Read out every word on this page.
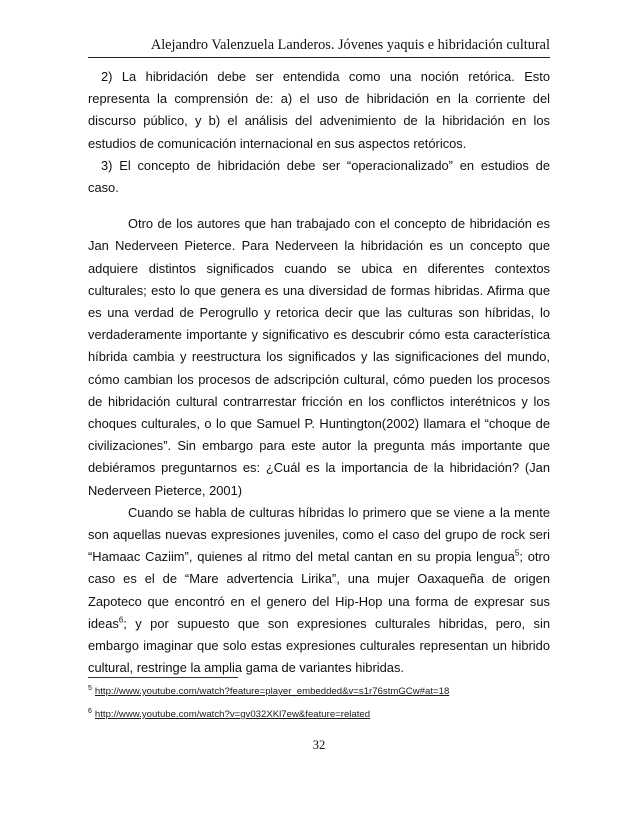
Alejandro Valenzuela Landeros. Jóvenes yaquis e hibridación cultural

2) La hibridación debe ser entendida como una noción retórica. Esto representa la comprensión de: a) el uso de hibridación en la corriente del discurso público, y b) el análisis del advenimiento de la hibridación en los estudios de comunicación internacional en sus aspectos retóricos.

3) El concepto de hibridación debe ser “operacionalizado” en estudios de caso.

Otro de los autores que han trabajado con el concepto de hibridación es Jan Nederveen Pieterce. Para Nederveen la hibridación es un concepto que adquiere distintos significados cuando se ubica en diferentes contextos culturales; esto lo que genera es una diversidad de formas hibridas. Afirma que es una verdad de Perogrullo y retorica decir que las culturas son híbridas, lo verdaderamente importante y significativo es descubrir cómo esta característica híbrida cambia y reestructura los significados y las significaciones del mundo, cómo cambian los procesos de adscripción cultural, cómo pueden los procesos de hibridación cultural contrarrestar fricción en los conflictos interétnicos y los choques culturales, o lo que Samuel P. Huntington(2002) llamara el “choque de civilizaciones”. Sin embargo para este autor la pregunta más importante que debiéramos preguntarnos es: ¿Cuál es la importancia de la hibridación? (Jan Nederveen Pieterce, 2001)

Cuando se habla de culturas híbridas lo primero que se viene a la mente son aquellas nuevas expresiones juveniles, como el caso del grupo de rock seri “Hamaac Caziim”, quienes al ritmo del metal cantan en su propia lengua$^5$; otro caso es el de “Mare advertencia Lirika”, una mujer Oaxaqueña de origen Zapoteco que encontró en el genero del Hip-Hop una forma de expresar sus ideas$^6$; y por supuesto que son expresiones culturales hibridas, pero, sin embargo imaginar que solo estas expresiones culturales representan un hibrido cultural, restringe la amplia gama de variantes hibridas.

$^5$ http://www.youtube.com/watch?feature=player_embedded&v=s1r76stmGCw#at=18
$^6$ http://www.youtube.com/watch?v=gv032XKl7ew&feature=related
32
